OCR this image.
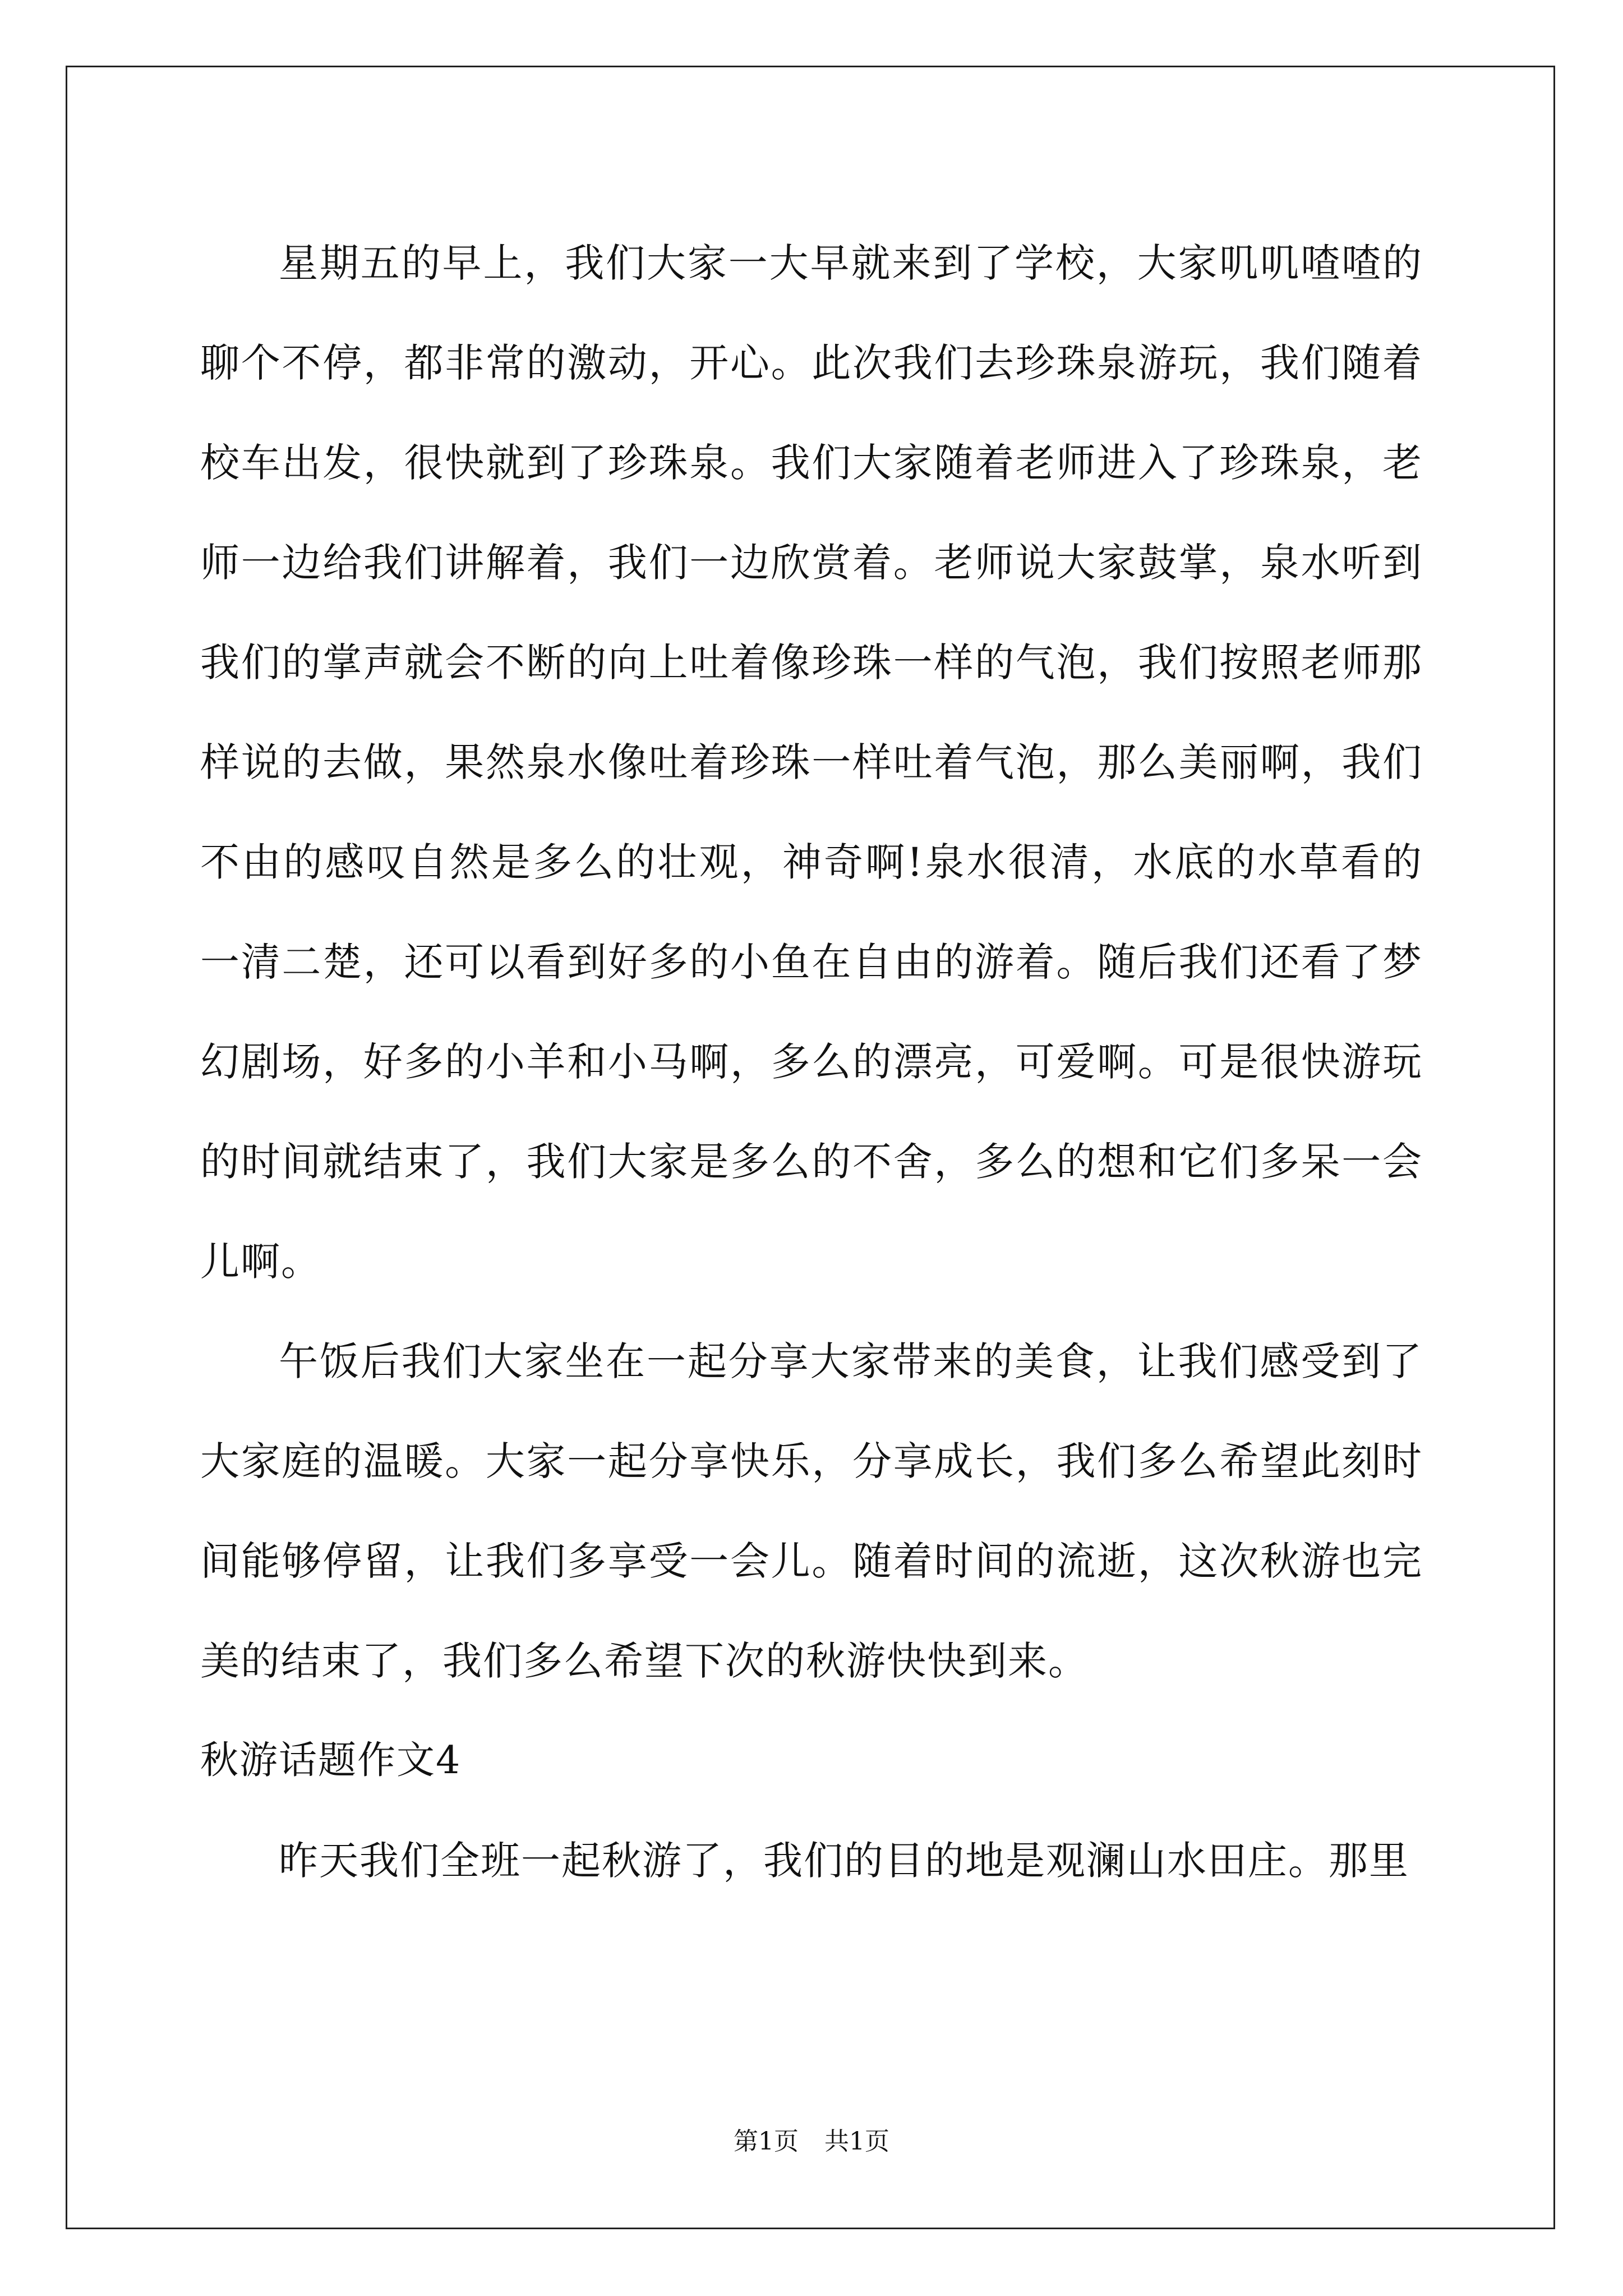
星期五的早上，我们大家一大早就来到了学校，大家叽叽喳喳的聊个不停，都非常的激动，开心。此次我们去珍珠泉游玩，我们随着校车出发，很快就到了珍珠泉。我们大家随着老师进入了珍珠泉，老师一边给我们讲解着，我们一边欣赏着。老师说大家鼓掌，泉水听到我们的掌声就会不断的向上吐着像珍珠一样的气泡，我们按照老师那样说的去做，果然泉水像吐着珍珠一样吐着气泡，那么美丽啊，我们不由的感叹自然是多么的壮观，神奇啊!泉水很清，水底的水草看的一清二楚，还可以看到好多的小鱼在自由的游着。随后我们还看了梦幻剧场，好多的小羊和小马啊，多么的漂亮，可爱啊。可是很快游玩的时间就结束了，我们大家是多么的不舍，多么的想和它们多呆一会儿啊。

午饭后我们大家坐在一起分享大家带来的美食，让我们感受到了大家庭的温暖。大家一起分享快乐，分享成长，我们多么希望此刻时间能够停留，让我们多享受一会儿。随着时间的流逝，这次秋游也完美的结束了，我们多么希望下次的秋游快快到来。

秋游话题作文4

昨天我们全班一起秋游了，我们的目的地是观澜山水田庄。那里

第1页 共1页
